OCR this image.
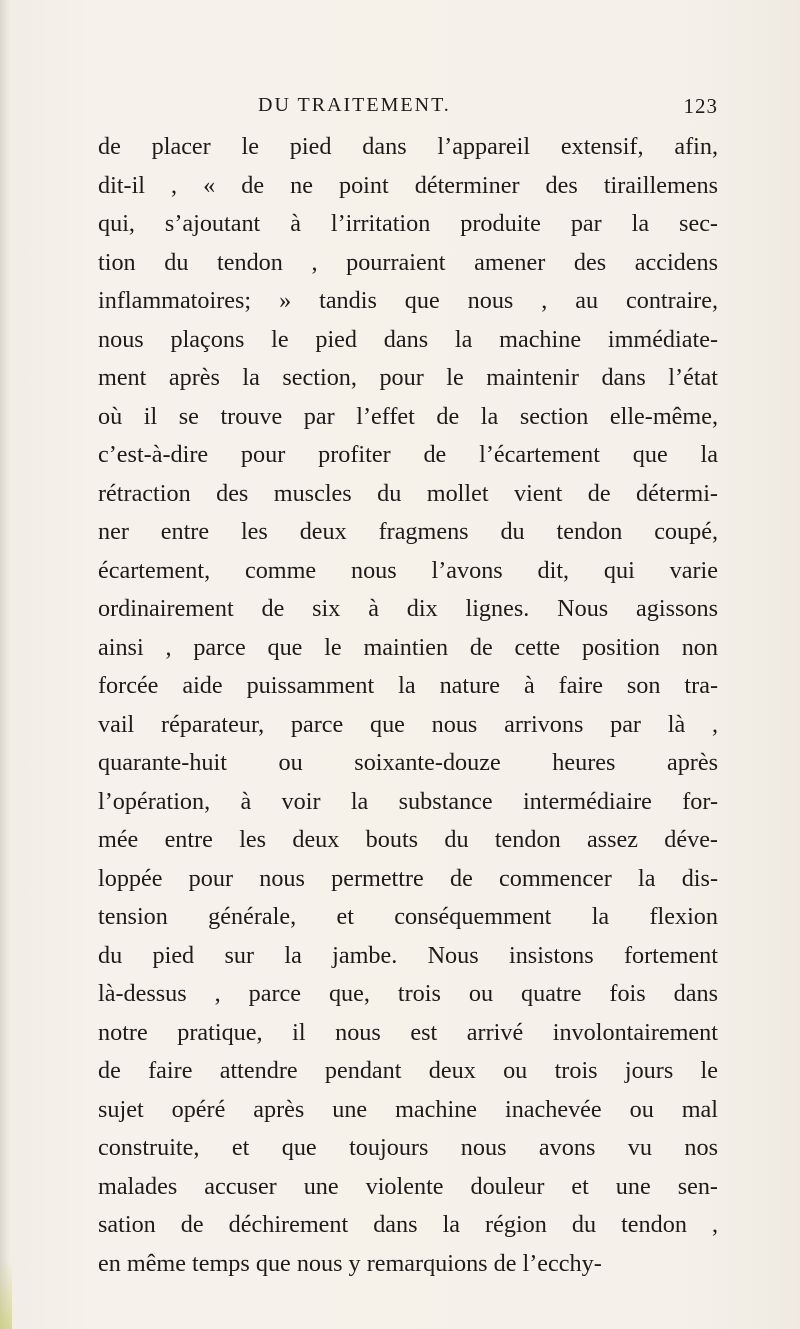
DU TRAITEMENT.	123
de placer le pied dans l’appareil extensif, afin,
dit-il , « de ne point déterminer des tiraillemens
qui, s’ajoutant à l’irritation produite par la sec-
tion du tendon , pourraient amener des accidens
inflammatoires; » tandis que nous , au contraire,
nous plaçons le pied dans la machine immédiate-
ment après la section, pour le maintenir dans l’état
où il se trouve par l’effet de la section elle-même,
c’est-à-dire pour profiter de l’écartement que la
rétraction des muscles du mollet vient de détermi-
ner entre les deux fragmens du tendon coupé,
écartement, comme nous l’avons dit, qui varie
ordinairement de six à dix lignes. Nous agissons
ainsi , parce que le maintien de cette position non
forcée aide puissamment la nature à faire son tra-
vail réparateur, parce que nous arrivons par là ,
quarante-huit ou soixante-douze heures après
l’opération, à voir la substance intermédiaire for-
mée entre les deux bouts du tendon assez déve-
loppée pour nous permettre de commencer la dis-
tension générale, et conséquemment la flexion
du pied sur la jambe. Nous insistons fortement
là-dessus , parce que, trois ou quatre fois dans
notre pratique, il nous est arrivé involontairement
de faire attendre pendant deux ou trois jours le
sujet opéré après une machine inachevée ou mal
construite, et que toujours nous avons vu nos
malades accuser une violente douleur et une sen-
sation de déchirement dans la région du tendon ,
en même temps que nous y remarquions de l’ecchy-
